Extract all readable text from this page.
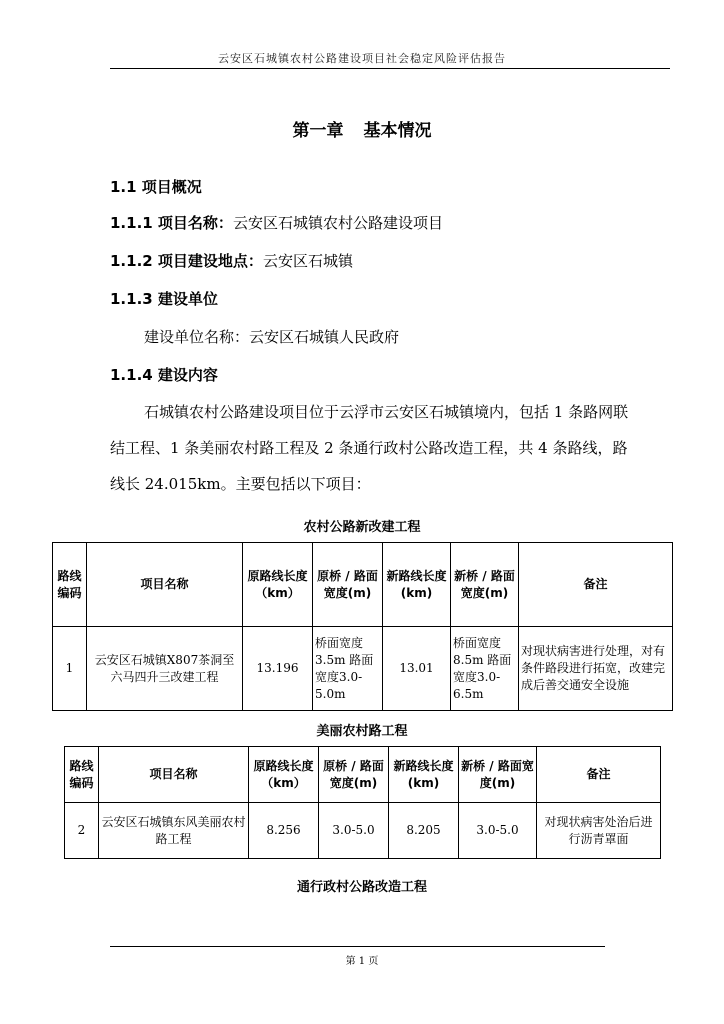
云安区石城镇农村公路建设项目社会稳定风险评估报告
第一章 基本情况
1.1 项目概况
1.1.1 项目名称：云安区石城镇农村公路建设项目
1.1.2 项目建设地点：云安区石城镇
1.1.3 建设单位
建设单位名称：云安区石城镇人民政府
1.1.4 建设内容
石城镇农村公路建设项目位于云浮市云安区石城镇境内，包括 1 条路网联结工程、1 条美丽农村路工程及 2 条通行政村公路改造工程，共 4 条路线，路线长 24.015km。主要包括以下项目：
农村公路新改建工程
路线编码	项目名称	原路线长度（km）	原桥 / 路面宽度(m)	新路线长度(km)	新桥 / 路面宽度(m)	备注
1	云安区石城镇X807茶洞至六马四升三改建工程	13.196	桥面宽度3.5m 路面宽度3.0-5.0m	13.01	桥面宽度8.5m 路面宽度3.0-6.5m	对现状病害进行处理，对有条件路段进行拓宽，改建完成后善交通安全设施
美丽农村路工程
路线编码	项目名称	原路线长度（km）	原桥 / 路面宽度(m)	新路线长度(km)	新桥 / 路面宽度(m)	备注
2	云安区石城镇东风美丽农村路工程	8.256	3.0-5.0	8.205	3.0-5.0	对现状病害处治后进行沥青罩面
通行政村公路改造工程
第 1 页
